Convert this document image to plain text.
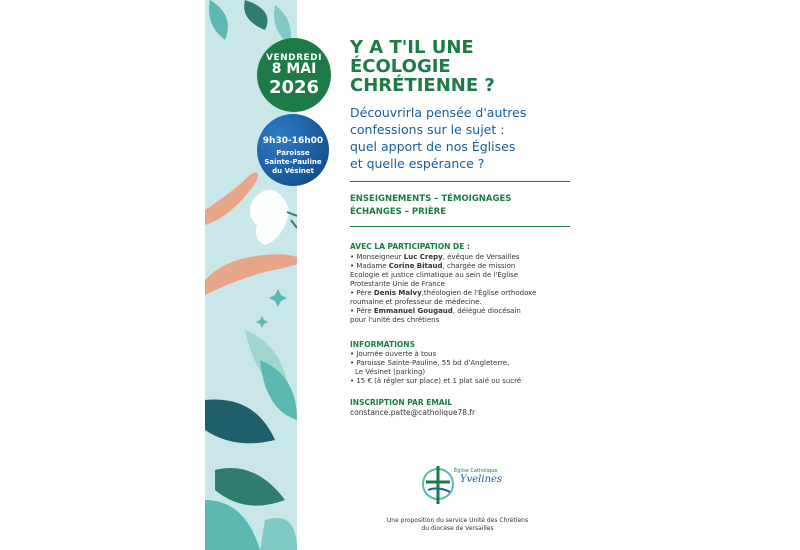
VENDREDI
8 MAI
2026
9h30-16h00
Paroisse
Sainte-Pauline
du Vésinet
Y A T'IL UNE
ÉCOLOGIE
CHRÉTIENNE ?
Découvrirla pensée d'autres
confessions sur le sujet :
quel apport de nos Églises
et quelle espérance ?
ENSEIGNEMENTS – TÉMOIGNAGES
ÉCHANGES – PRIÈRE
AVEC LA PARTICIPATION DE :
• Monseigneur Luc Crepy, évêque de Versailles
• Madame Corine Bitaud, chargée de mission
Ecologie et justice climatique au sein de l'Église
Protestante Unie de France
• Père Denis Malvy,théologien de l'Église orthodoxe
roumaine et professeur de médecine.
• Père Emmanuel Gougaud, délégué diocésain
pour l'unité des chrétiens
INFORMATIONS
• Journée ouverte à tous
• Paroisse Sainte-Pauline, 55 bd d'Angleterre,
Le Vésinet (parking)
• 15 € (à régler sur place) et 1 plat salé ou sucré
INSCRIPTION PAR EMAIL
constance.patte@catholique78.fr
Église Catholique
Yvelines
Une proposition du service Unité des Chrétiens
du diocèse de Versailles
